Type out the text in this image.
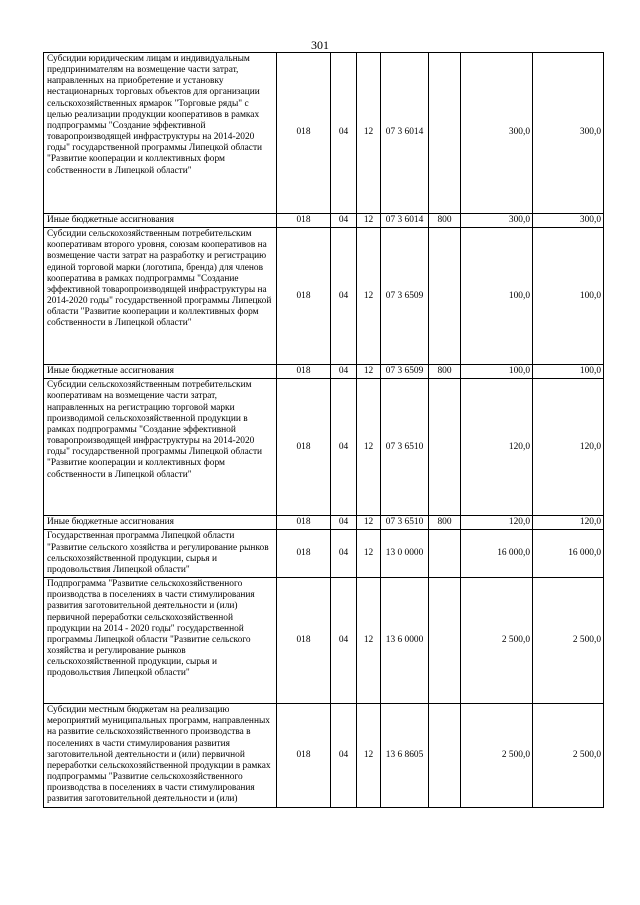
301
Субсидии юридическим лицам и индивидуальным предпринимателям на возмещение части затрат, направленных на приобретение и установку нестационарных торговых объектов для организации сельскохозяйственных ярмарок "Торговые ряды" с целью реализации продукции кооперативов в рамках подпрограммы "Создание эффективной товаропроизводящей инфраструктуры на 2014-2020 годы" государственной программы Липецкой области "Развитие кооперации и коллективных форм собственности в Липецкой области"	018	04	12	07 3 6014		300,0	300,0
Иные бюджетные ассигнования	018	04	12	07 3 6014	800	300,0	300,0
Субсидии сельскохозяйственным потребительским кооперативам второго уровня, союзам кооперативов на возмещение части затрат на разработку и регистрацию единой торговой марки (логотипа, бренда) для членов кооператива в рамках подпрограммы "Создание эффективной товаропроизводящей инфраструктуры на 2014-2020 годы" государственной программы Липецкой области "Развитие кооперации и коллективных форм собственности в Липецкой области"	018	04	12	07 3 6509		100,0	100,0
Иные бюджетные ассигнования	018	04	12	07 3 6509	800	100,0	100,0
Субсидии сельскохозяйственным потребительским кооперативам на возмещение части затрат, направленных на регистрацию торговой марки производимой сельскохозяйственной продукции в рамках подпрограммы "Создание эффективной товаропроизводящей инфраструктуры на 2014-2020 годы" государственной программы Липецкой области "Развитие кооперации и коллективных форм собственности в Липецкой области"	018	04	12	07 3 6510		120,0	120,0
Иные бюджетные ассигнования	018	04	12	07 3 6510	800	120,0	120,0
Государственная программа Липецкой области "Развитие сельского хозяйства и регулирование рынков сельскохозяйственной продукции, сырья и продовольствия Липецкой области"	018	04	12	13 0 0000		16 000,0	16 000,0
Подпрограмма "Развитие сельскохозяйственного производства в поселениях в части стимулирования развития заготовительной деятельности и (или) первичной переработки сельскохозяйственной продукции на 2014 - 2020 годы" государственной программы Липецкой области "Развитие сельского хозяйства и регулирование рынков сельскохозяйственной продукции, сырья и продовольствия Липецкой области"	018	04	12	13 6 0000		2 500,0	2 500,0
Субсидии местным бюджетам на реализацию мероприятий муниципальных программ, направленных на развитие сельскохозяйственного производства в поселениях в части стимулирования развития заготовительной деятельности и (или) первичной переработки сельскохозяйственной продукции в рамках подпрограммы "Развитие сельскохозяйственного производства в поселениях в части стимулирования развития заготовительной деятельности и (или)	018	04	12	13 6 8605		2 500,0	2 500,0
